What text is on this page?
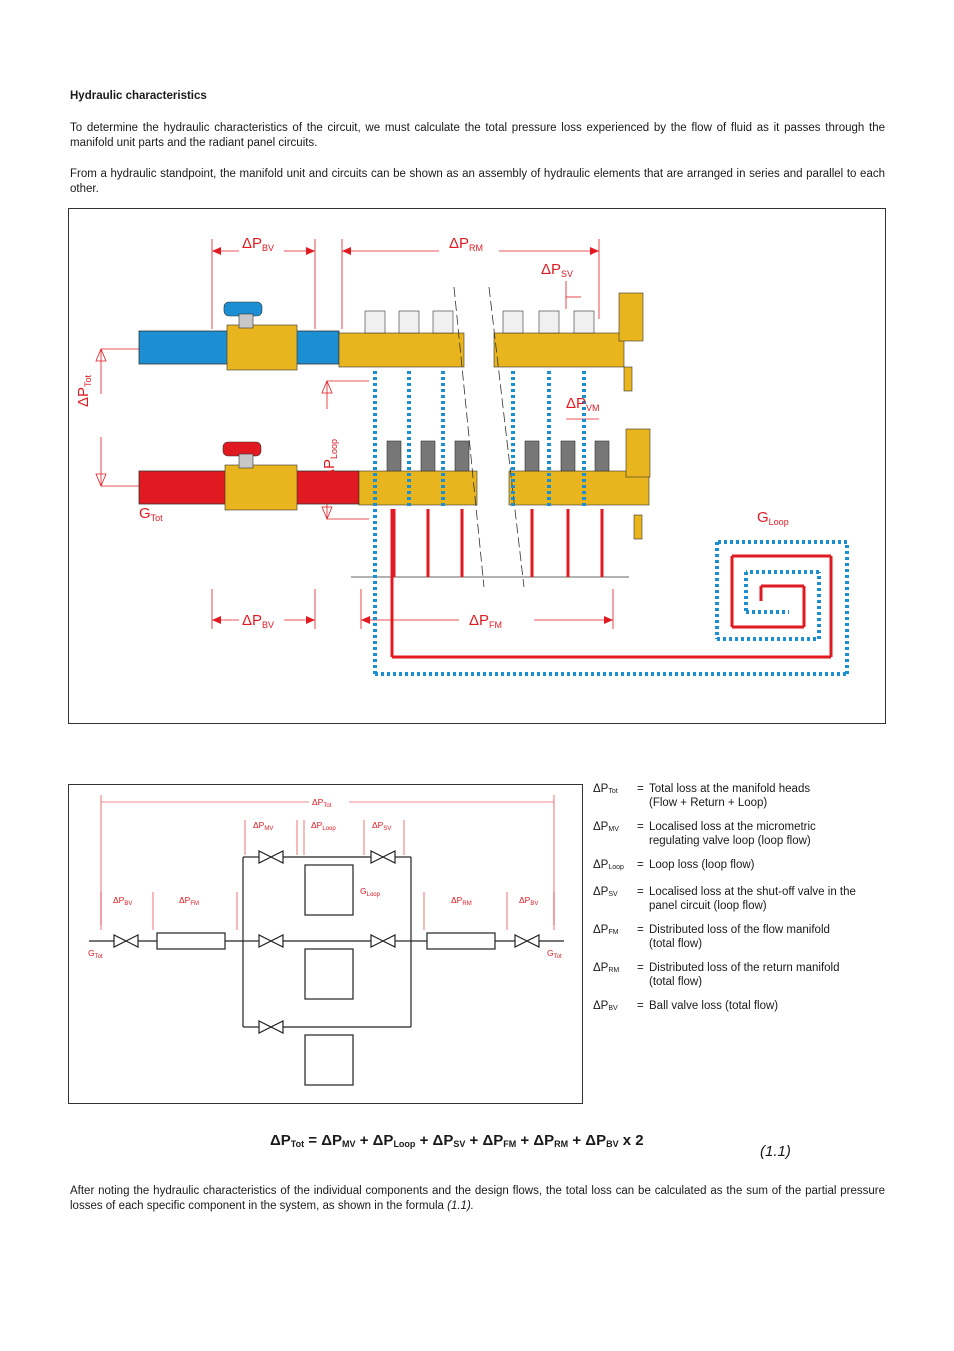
Hydraulic characteristics
To determine the hydraulic characteristics of the circuit, we must calculate the total pressure loss experienced by the flow of fluid as it passes through the manifold unit parts and the radiant panel circuits.
From a hydraulic standpoint, the manifold unit and circuits can be shown as an assembly of hydraulic elements that are arranged in series and parallel to each other.
$\Delta P_{BV}$	$\Delta P_{RM}$
$\Delta P_{SV}$
$\Delta P_{VM}$
$\Delta P_{Tot}$
$\Delta P_{Loop}$
$G_{Tot}$	$G_{Loop}$
$\Delta P_{BV}$	$\Delta P_{FM}$
$\Delta P_{Tot}$
$\Delta P_{MV}$	$\Delta P_{Loop}$	$\Delta P_{SV}$
$\Delta P_{BV}$	$\Delta P_{FM}$
$G_{Loop}$	$\Delta P_{RM}$	$\Delta P_{BV}$
$G_{Tot}$	$G_{Tot}$
$\Delta P_{Tot}$	= Total loss at the manifold heads
(Flow + Return + Loop)
$\Delta P_{MV}$	= Localised loss at the micrometric
regulating valve loop (loop flow)
$\Delta P_{Loop}$	= Loop loss (loop flow)
$\Delta P_{SV}$	= Localised loss at the shut-off valve in the
panel circuit (loop flow)
$\Delta P_{FM}$	= Distributed loss of the flow manifold
(total flow)
$\Delta P_{RM}$	= Distributed loss of the return manifold
(total flow)
$\Delta P_{BV}$	= Ball valve loss (total flow)
$\Delta P_{Tot} = \Delta P_{MV} + \Delta P_{Loop} + \Delta P_{SV} + \Delta P_{FM} + \Delta P_{RM} + \Delta P_{BV}$ x 2
(1.1)
After noting the hydraulic characteristics of the individual components and the design flows, the total loss can be calculated as the sum of the partial pressure losses of each specific component in the system, as shown in the formula (1.1).
